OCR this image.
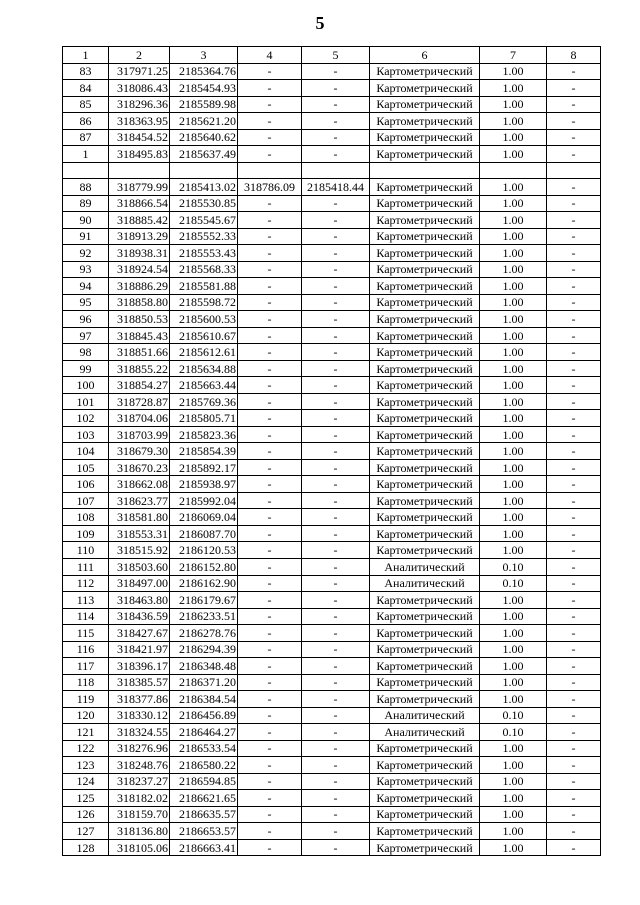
5
1	2	3	4	5	6	7	8
83	317971.25	2185364.76	-	-	Картометрический	1.00	-
84	318086.43	2185454.93	-	-	Картометрический	1.00	-
85	318296.36	2185589.98	-	-	Картометрический	1.00	-
86	318363.95	2185621.20	-	-	Картометрический	1.00	-
87	318454.52	2185640.62	-	-	Картометрический	1.00	-
1	318495.83	2185637.49	-	-	Картометрический	1.00	-

88	318779.99	2185413.02	318786.09	2185418.44	Картометрический	1.00	-
89	318866.54	2185530.85	-	-	Картометрический	1.00	-
90	318885.42	2185545.67	-	-	Картометрический	1.00	-
91	318913.29	2185552.33	-	-	Картометрический	1.00	-
92	318938.31	2185553.43	-	-	Картометрический	1.00	-
93	318924.54	2185568.33	-	-	Картометрический	1.00	-
94	318886.29	2185581.88	-	-	Картометрический	1.00	-
95	318858.80	2185598.72	-	-	Картометрический	1.00	-
96	318850.53	2185600.53	-	-	Картометрический	1.00	-
97	318845.43	2185610.67	-	-	Картометрический	1.00	-
98	318851.66	2185612.61	-	-	Картометрический	1.00	-
99	318855.22	2185634.88	-	-	Картометрический	1.00	-
100	318854.27	2185663.44	-	-	Картометрический	1.00	-
101	318728.87	2185769.36	-	-	Картометрический	1.00	-
102	318704.06	2185805.71	-	-	Картометрический	1.00	-
103	318703.99	2185823.36	-	-	Картометрический	1.00	-
104	318679.30	2185854.39	-	-	Картометрический	1.00	-
105	318670.23	2185892.17	-	-	Картометрический	1.00	-
106	318662.08	2185938.97	-	-	Картометрический	1.00	-
107	318623.77	2185992.04	-	-	Картометрический	1.00	-
108	318581.80	2186069.04	-	-	Картометрический	1.00	-
109	318553.31	2186087.70	-	-	Картометрический	1.00	-
110	318515.92	2186120.53	-	-	Картометрический	1.00	-
111	318503.60	2186152.80	-	-	Аналитический	0.10	-
112	318497.00	2186162.90	-	-	Аналитический	0.10	-
113	318463.80	2186179.67	-	-	Картометрический	1.00	-
114	318436.59	2186233.51	-	-	Картометрический	1.00	-
115	318427.67	2186278.76	-	-	Картометрический	1.00	-
116	318421.97	2186294.39	-	-	Картометрический	1.00	-
117	318396.17	2186348.48	-	-	Картометрический	1.00	-
118	318385.57	2186371.20	-	-	Картометрический	1.00	-
119	318377.86	2186384.54	-	-	Картометрический	1.00	-
120	318330.12	2186456.89	-	-	Аналитический	0.10	-
121	318324.55	2186464.27	-	-	Аналитический	0.10	-
122	318276.96	2186533.54	-	-	Картометрический	1.00	-
123	318248.76	2186580.22	-	-	Картометрический	1.00	-
124	318237.27	2186594.85	-	-	Картометрический	1.00	-
125	318182.02	2186621.65	-	-	Картометрический	1.00	-
126	318159.70	2186635.57	-	-	Картометрический	1.00	-
127	318136.80	2186653.57	-	-	Картометрический	1.00	-
128	318105.06	2186663.41	-	-	Картометрический	1.00	-
